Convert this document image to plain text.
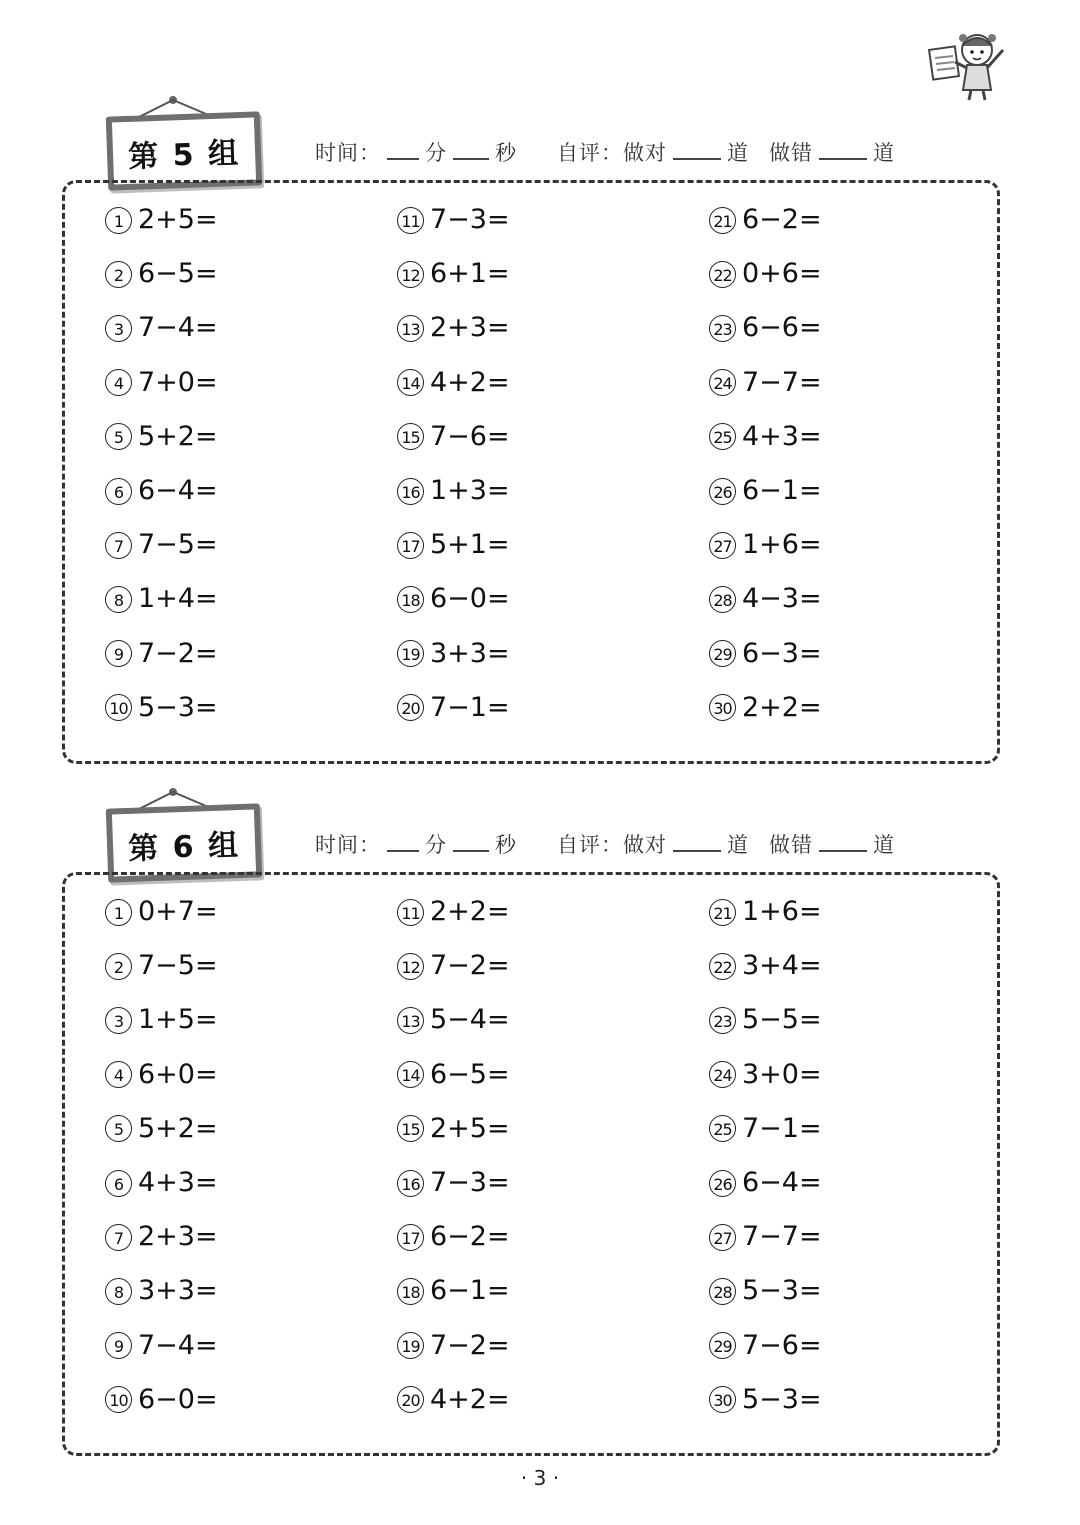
第 5 组	时间： 分 秒 自评：做对	道 做错	道
1 2+5=
2 6−5=
3 7−4=
4 7+0=
5 5+2=
6 6−4=
7 7−5=
8 1+4=
9 7−2=
10 5−3=
11 7−3=
12 6+1=
13 2+3=
14 4+2=
15 7−6=
16 1+3=
17 5+1=
18 6−0=
19 3+3=
20 7−1=
21 6−2=
22 0+6=
23 6−6=
24 7−7=
25 4+3=
26 6−1=
27 1+6=
28 4−3=
29 6−3=
30 2+2=
第 6 组	时间： 分 秒 自评：做对	道 做错	道
1 0+7=
2 7−5=
3 1+5=
4 6+0=
5 5+2=
6 4+3=
7 2+3=
8 3+3=
9 7−4=
10 6−0=
11 2+2=
12 7−2=
13 5−4=
14 6−5=
15 2+5=
16 7−3=
17 6−2=
18 6−1=
19 7−2=
20 4+2=
21 1+6=
22 3+4=
23 5−5=
24 3+0=
25 7−1=
26 6−4=
27 7−7=
28 5−3=
29 7−6=
30 5−3=
· 3 ·
